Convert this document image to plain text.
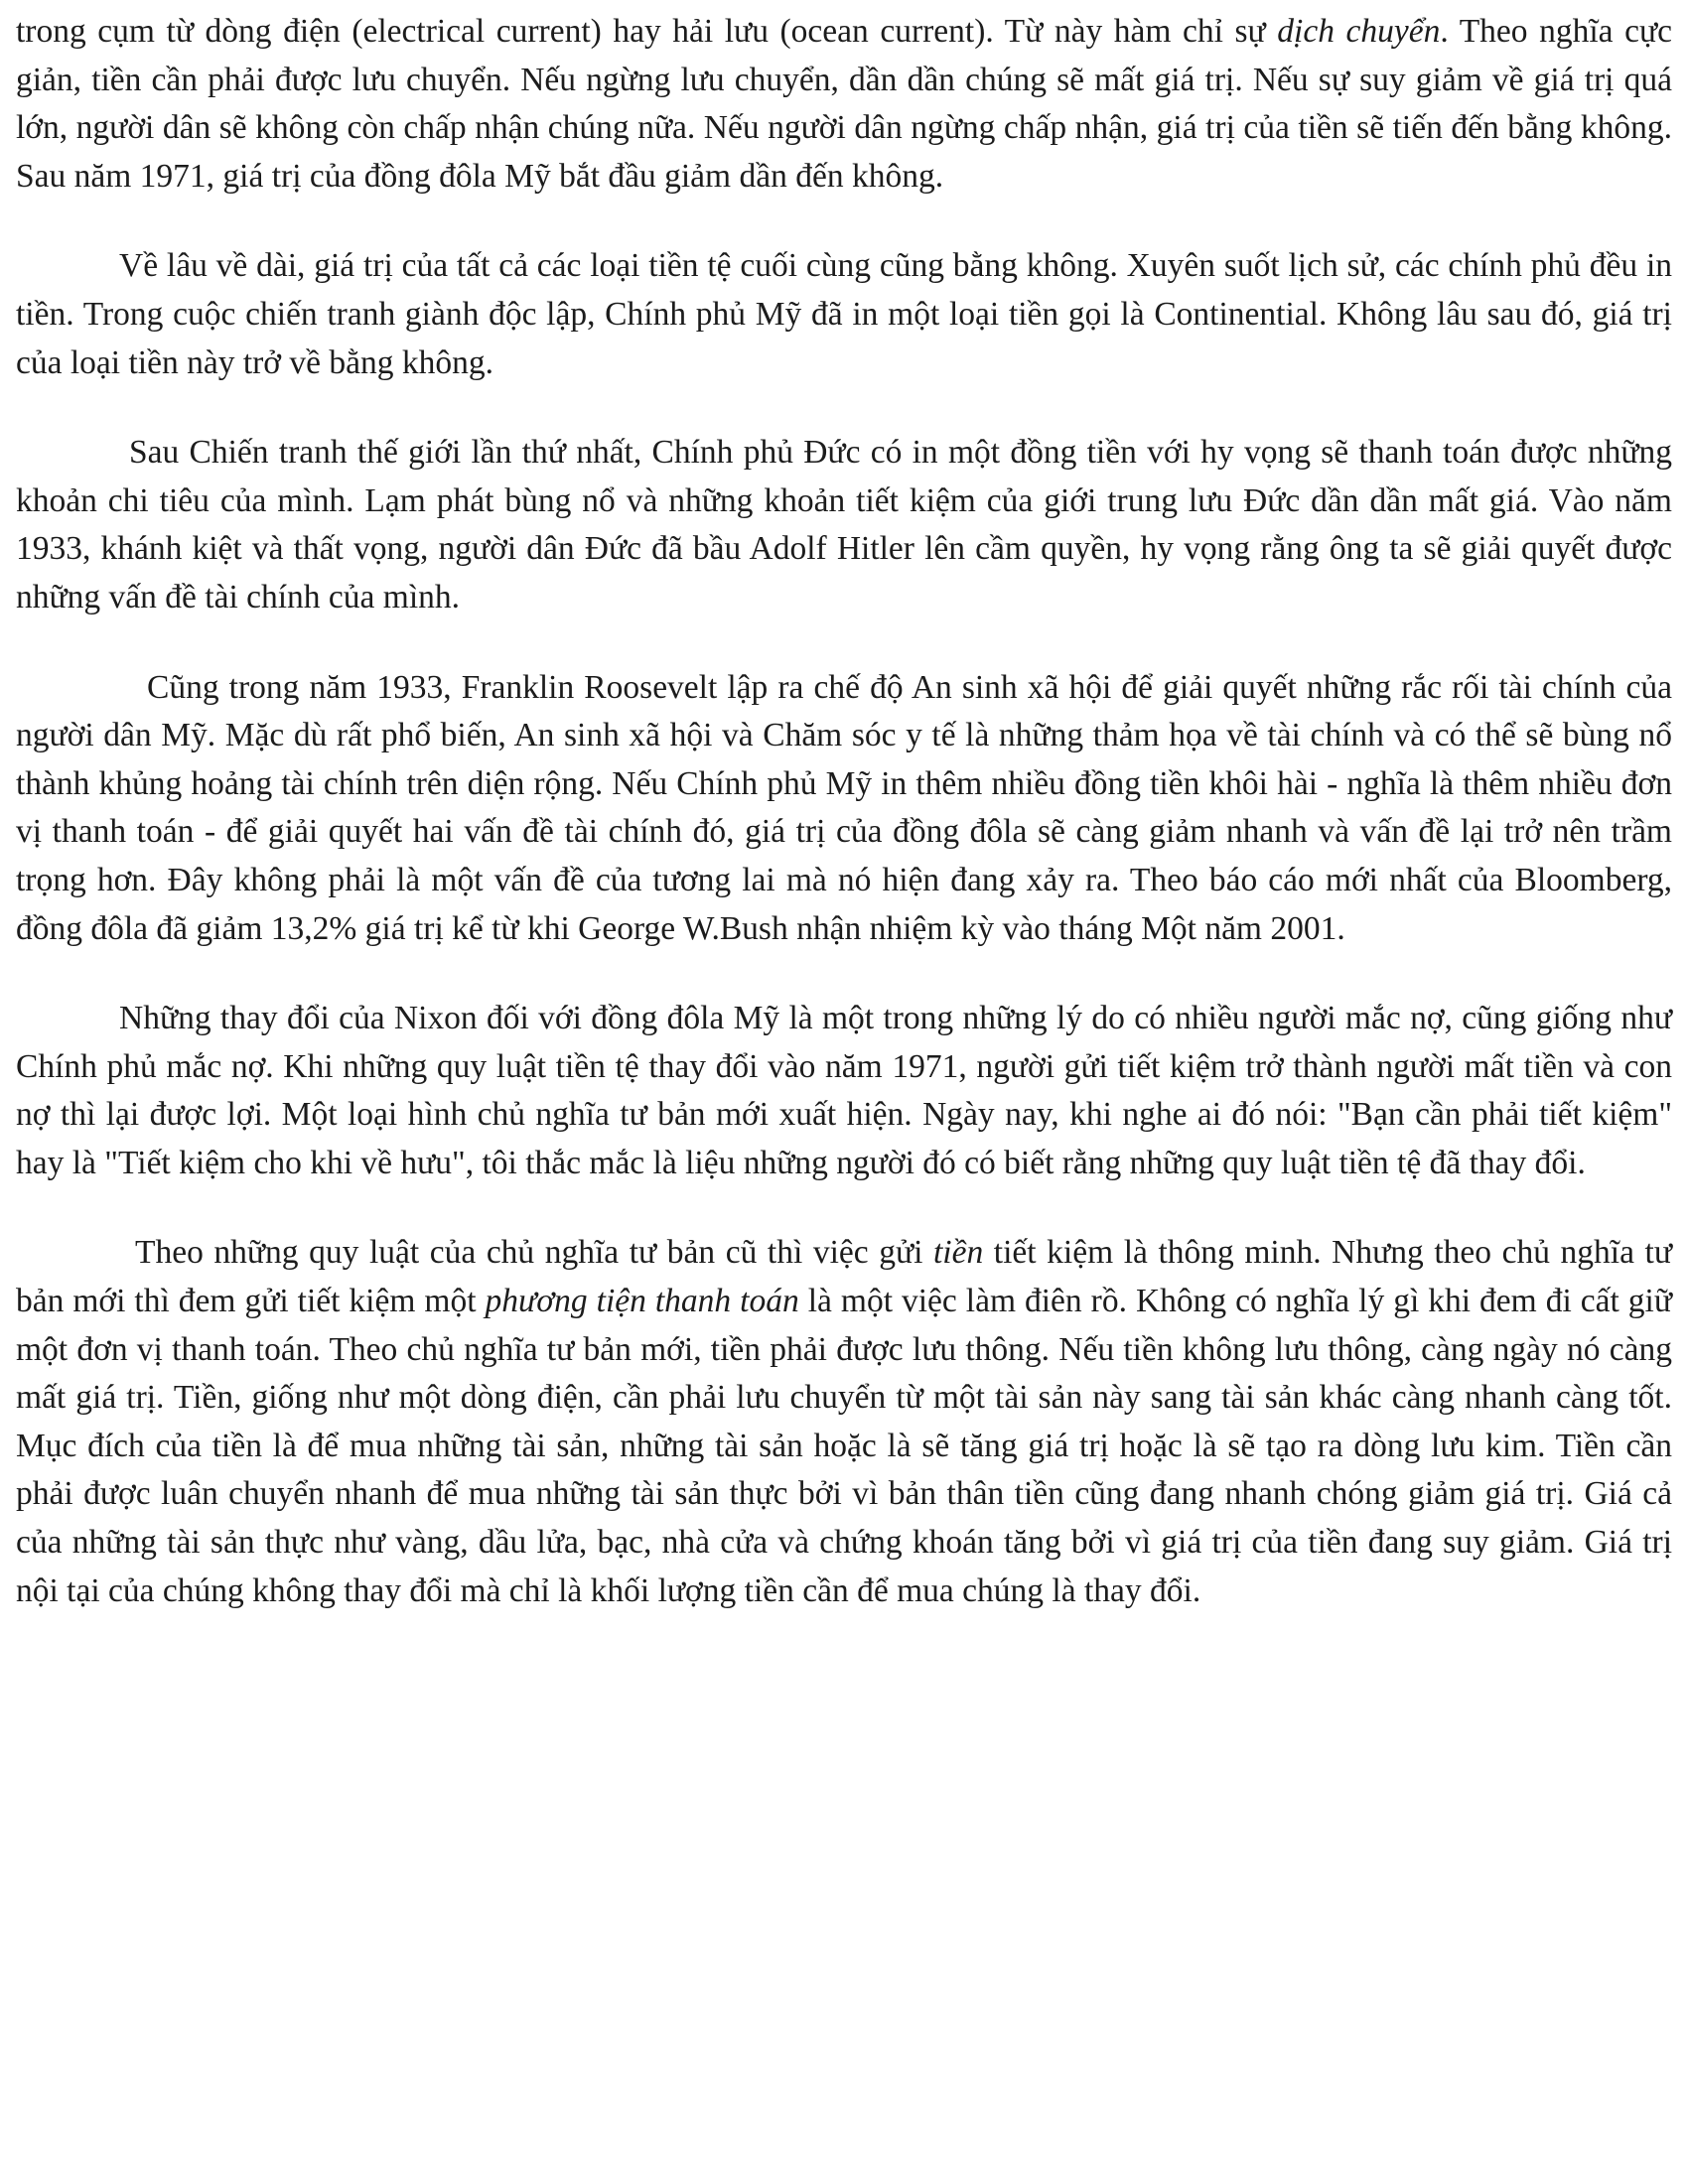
trong cụm từ dòng điện (electrical current) hay hải lưu (ocean current). Từ này hàm chỉ sự dịch chuyển. Theo nghĩa cực giản, tiền cần phải được lưu chuyển. Nếu ngừng lưu chuyển, dần dần chúng sẽ mất giá trị. Nếu sự suy giảm về giá trị quá lớn, người dân sẽ không còn chấp nhận chúng nữa. Nếu người dân ngừng chấp nhận, giá trị của tiền sẽ tiến đến bằng không. Sau năm 1971, giá trị của đồng đôla Mỹ bắt đầu giảm dần đến không.

Về lâu về dài, giá trị của tất cả các loại tiền tệ cuối cùng cũng bằng không. Xuyên suốt lịch sử, các chính phủ đều in tiền. Trong cuộc chiến tranh giành độc lập, Chính phủ Mỹ đã in một loại tiền gọi là Continential. Không lâu sau đó, giá trị của loại tiền này trở về bằng không.

Sau Chiến tranh thế giới lần thứ nhất, Chính phủ Đức có in một đồng tiền với hy vọng sẽ thanh toán được những khoản chi tiêu của mình. Lạm phát bùng nổ và những khoản tiết kiệm của giới trung lưu Đức dần dần mất giá. Vào năm 1933, khánh kiệt và thất vọng, người dân Đức đã bầu Adolf Hitler lên cầm quyền, hy vọng rằng ông ta sẽ giải quyết được những vấn đề tài chính của mình.

Cũng trong năm 1933, Franklin Roosevelt lập ra chế độ An sinh xã hội để giải quyết những rắc rối tài chính của người dân Mỹ. Mặc dù rất phổ biến, An sinh xã hội và Chăm sóc y tế là những thảm họa về tài chính và có thể sẽ bùng nổ thành khủng hoảng tài chính trên diện rộng. Nếu Chính phủ Mỹ in thêm nhiều đồng tiền khôi hài - nghĩa là thêm nhiều đơn vị thanh toán - để giải quyết hai vấn đề tài chính đó, giá trị của đồng đôla sẽ càng giảm nhanh và vấn đề lại trở nên trầm trọng hơn. Đây không phải là một vấn đề của tương lai mà nó hiện đang xảy ra. Theo báo cáo mới nhất của Bloomberg, đồng đôla đã giảm 13,2% giá trị kể từ khi George W.Bush nhận nhiệm kỳ vào tháng Một năm 2001.

Những thay đổi của Nixon đối với đồng đôla Mỹ là một trong những lý do có nhiều người mắc nợ, cũng giống như Chính phủ mắc nợ. Khi những quy luật tiền tệ thay đổi vào năm 1971, người gửi tiết kiệm trở thành người mất tiền và con nợ thì lại được lợi. Một loại hình chủ nghĩa tư bản mới xuất hiện. Ngày nay, khi nghe ai đó nói: "Bạn cần phải tiết kiệm" hay là "Tiết kiệm cho khi về hưu", tôi thắc mắc là liệu những người đó có biết rằng những quy luật tiền tệ đã thay đổi.

Theo những quy luật của chủ nghĩa tư bản cũ thì việc gửi tiền tiết kiệm là thông minh. Nhưng theo chủ nghĩa tư bản mới thì đem gửi tiết kiệm một phương tiện thanh toán là một việc làm điên rồ. Không có nghĩa lý gì khi đem đi cất giữ một đơn vị thanh toán. Theo chủ nghĩa tư bản mới, tiền phải được lưu thông. Nếu tiền không lưu thông, càng ngày nó càng mất giá trị. Tiền, giống như một dòng điện, cần phải lưu chuyển từ một tài sản này sang tài sản khác càng nhanh càng tốt. Mục đích của tiền là để mua những tài sản, những tài sản hoặc là sẽ tăng giá trị hoặc là sẽ tạo ra dòng lưu kim. Tiền cần phải được luân chuyển nhanh để mua những tài sản thực bởi vì bản thân tiền cũng đang nhanh chóng giảm giá trị. Giá cả của những tài sản thực như vàng, dầu lửa, bạc, nhà cửa và chứng khoán tăng bởi vì giá trị của tiền đang suy giảm. Giá trị nội tại của chúng không thay đổi mà chỉ là khối lượng tiền cần để mua chúng là thay đổi.
